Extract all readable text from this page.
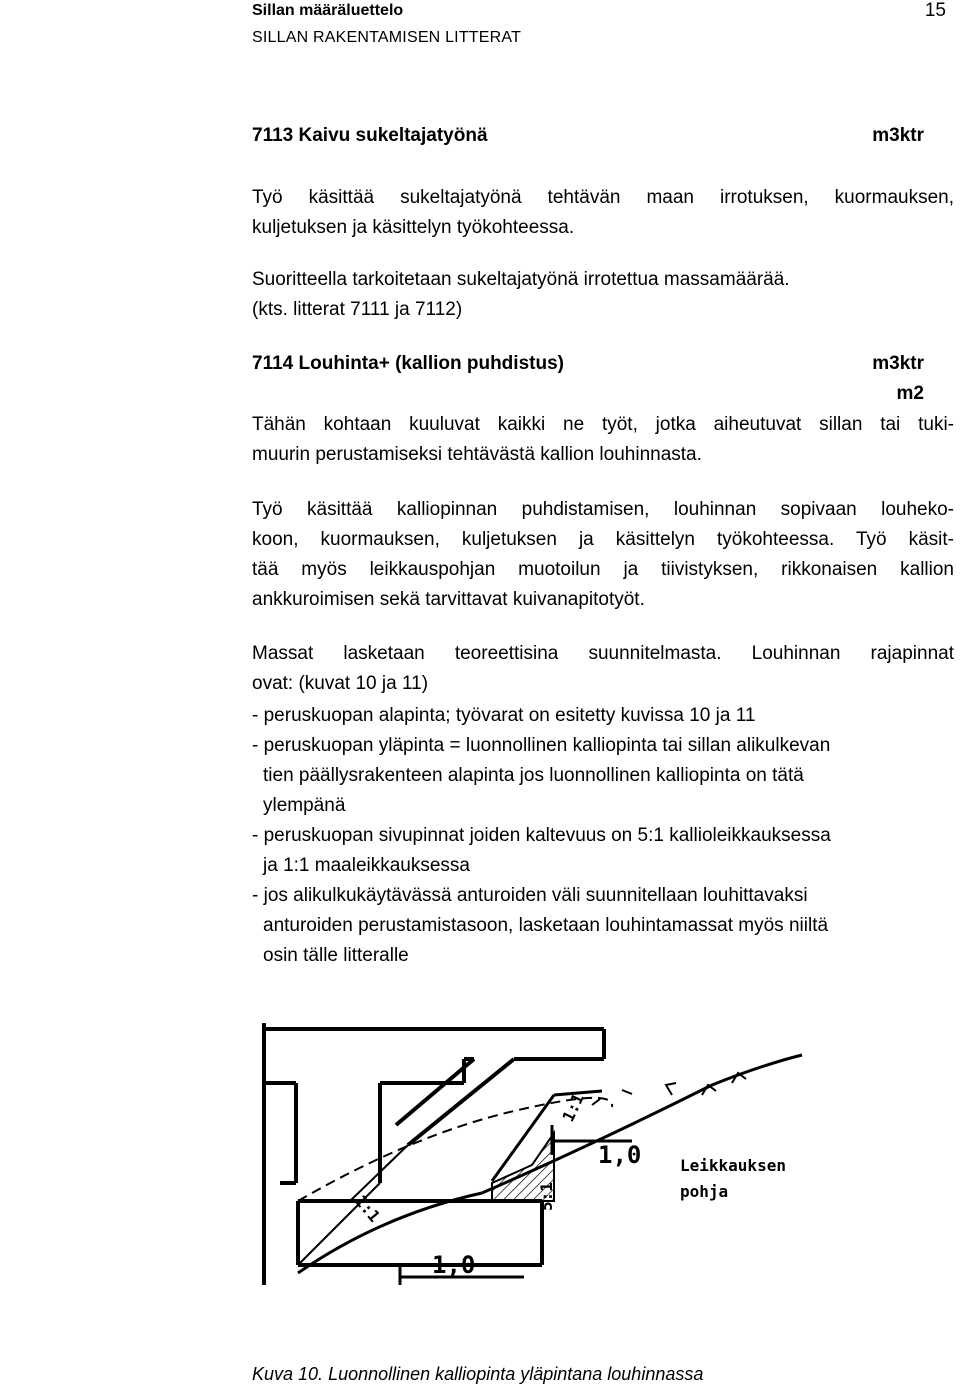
Sillan määräluettelo
SILLAN RAKENTAMISEN LITTERAT
15
7113 Kaivu sukeltajatyönä	m3ktr
Työ käsittää sukeltajatyönä tehtävän maan irrotuksen, kuormauksen,
kuljetuksen ja käsittelyn työkohteessa.
Suoritteella tarkoitetaan sukeltajatyönä irrotettua massamäärää.
(kts. litterat 7111 ja 7112)
7114 Louhinta+ (kallion puhdistus)	m3ktr
m2
Tähän kohtaan kuuluvat kaikki ne työt, jotka aiheutuvat sillan tai tuki-
muurin perustamiseksi tehtävästä kallion louhinnasta.
Työ käsittää kalliopinnan puhdistamisen, louhinnan sopivaan louheko-
koon, kuormauksen, kuljetuksen ja käsittelyn työkohteessa. Työ käsit-
tää myös leikkauspohjan muotoilun ja tiivistyksen, rikkonaisen kallion
ankkuroimisen sekä tarvittavat kuivanapitotyöt.
Massat lasketaan teoreettisina suunnitelmasta. Louhinnan rajapinnat
ovat: (kuvat 10 ja 11)
- peruskuopan alapinta; työvarat on esitetty kuvissa 10 ja 11
- peruskuopan yläpinta = luonnollinen kalliopinta tai sillan alikulkevan
tien päällysrakenteen alapinta jos luonnollinen kalliopinta on tätä
ylempänä
- peruskuopan sivupinnat joiden kaltevuus on 5:1 kallioleikkauksessa
ja 1:1 maaleikkauksessa
- jos alikulkukäytävässä anturoiden väli suunnitellaan louhittavaksi
anturoiden perustamistasoon, lasketaan louhintamassat myös niiltä
osin tälle litteralle
1:1
1,0 Leikkauksen
pohja
1:1	5:1
1,0
Kuva 10. Luonnollinen kalliopinta yläpintana louhinnassa
